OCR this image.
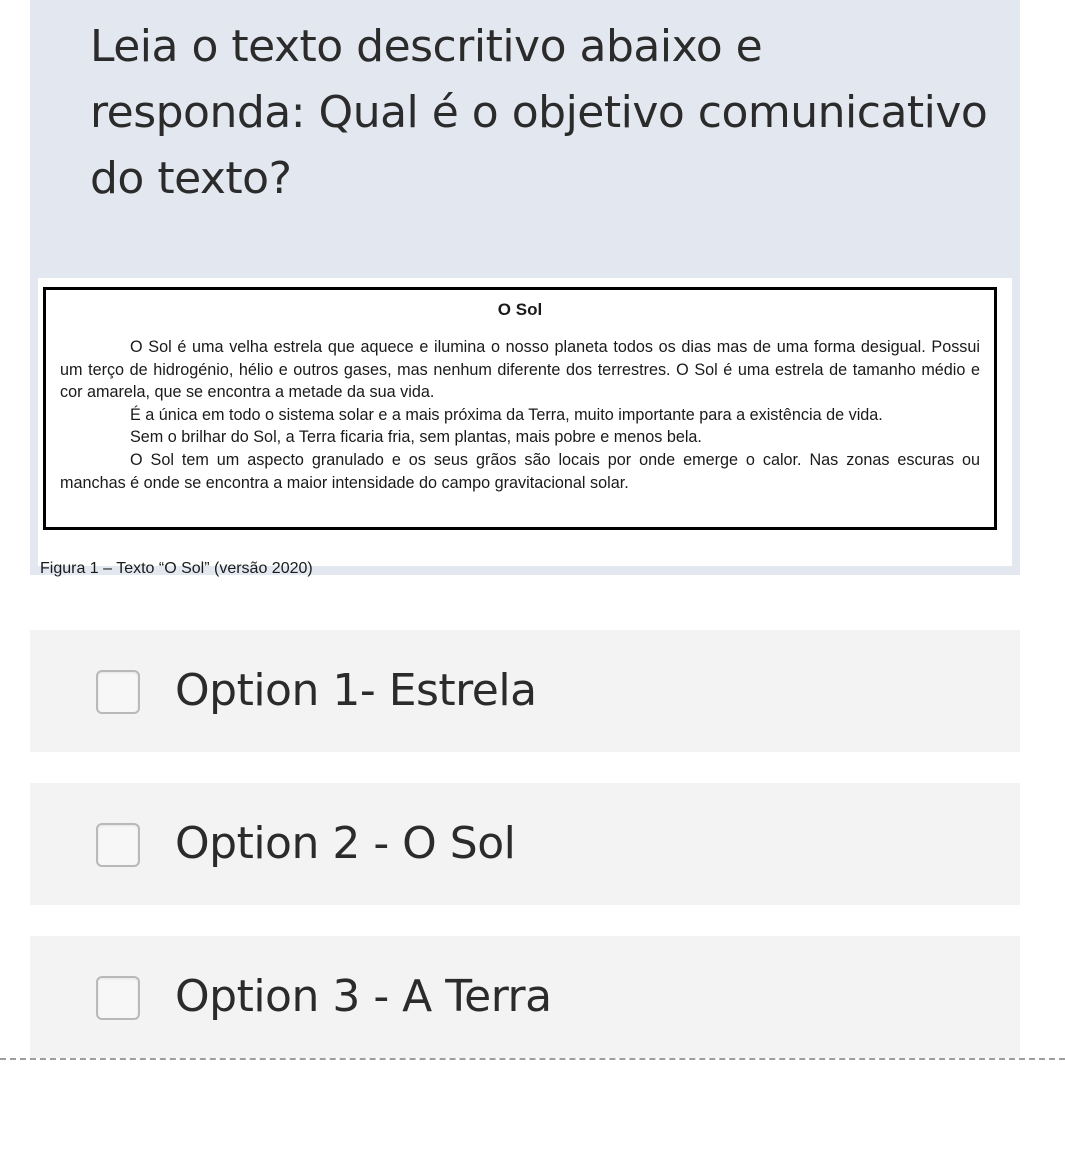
Leia o texto descritivo abaixo e responda: Qual é o objetivo comunicativo do texto?
O Sol

O Sol é uma velha estrela que aquece e ilumina o nosso planeta todos os dias mas de uma forma desigual. Possui um terço de hidrogénio, hélio e outros gases, mas nenhum diferente dos terrestres. O Sol é uma estrela de tamanho médio e cor amarela, que se encontra a metade da sua vida.

É a única em todo o sistema solar e a mais próxima da Terra, muito importante para a existência de vida.

Sem o brilhar do Sol, a Terra ficaria fria, sem plantas, mais pobre e menos bela.

O Sol tem um aspecto granulado e os seus grãos são locais por onde emerge o calor. Nas zonas escuras ou manchas é onde se encontra a maior intensidade do campo gravitacional solar.

Figura 1 – Texto “O Sol” (versão 2020)
Option 1- Estrela
Option 2 - O Sol
Option 3 - A Terra
